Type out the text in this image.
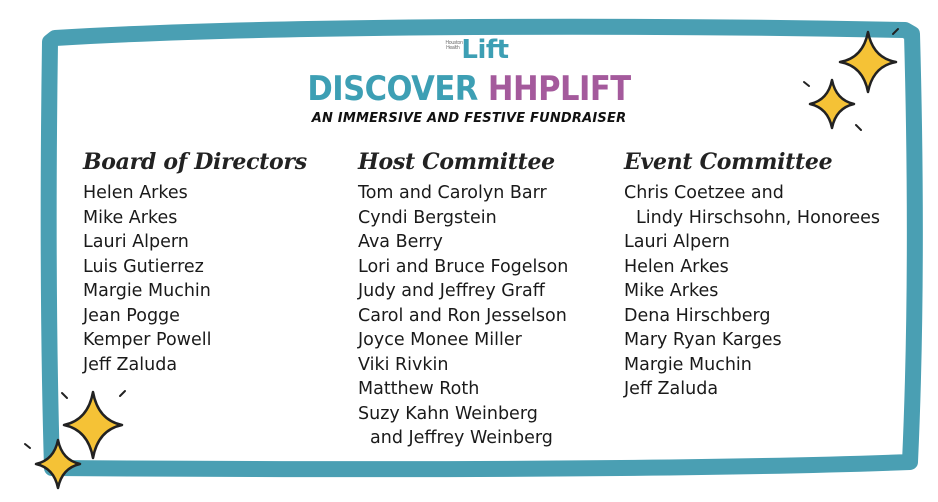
Houston Health Lift
DISCOVER HHPLIFT
AN IMMERSIVE AND FESTIVE FUNDRAISER
Board of Directors
Helen Arkes
Mike Arkes
Lauri Alpern
Luis Gutierrez
Margie Muchin
Jean Pogge
Kemper Powell
Jeff Zaluda
Host Committee
Tom and Carolyn Barr
Cyndi Bergstein
Ava Berry
Lori and Bruce Fogelson
Judy and Jeffrey Graff
Carol and Ron Jesselson
Joyce Monee Miller
Viki Rivkin
Matthew Roth
Suzy Kahn Weinberg
and Jeffrey Weinberg
Event Committee
Chris Coetzee and
Lindy Hirschsohn, Honorees
Lauri Alpern
Helen Arkes
Mike Arkes
Dena Hirschberg
Mary Ryan Karges
Margie Muchin
Jeff Zaluda
